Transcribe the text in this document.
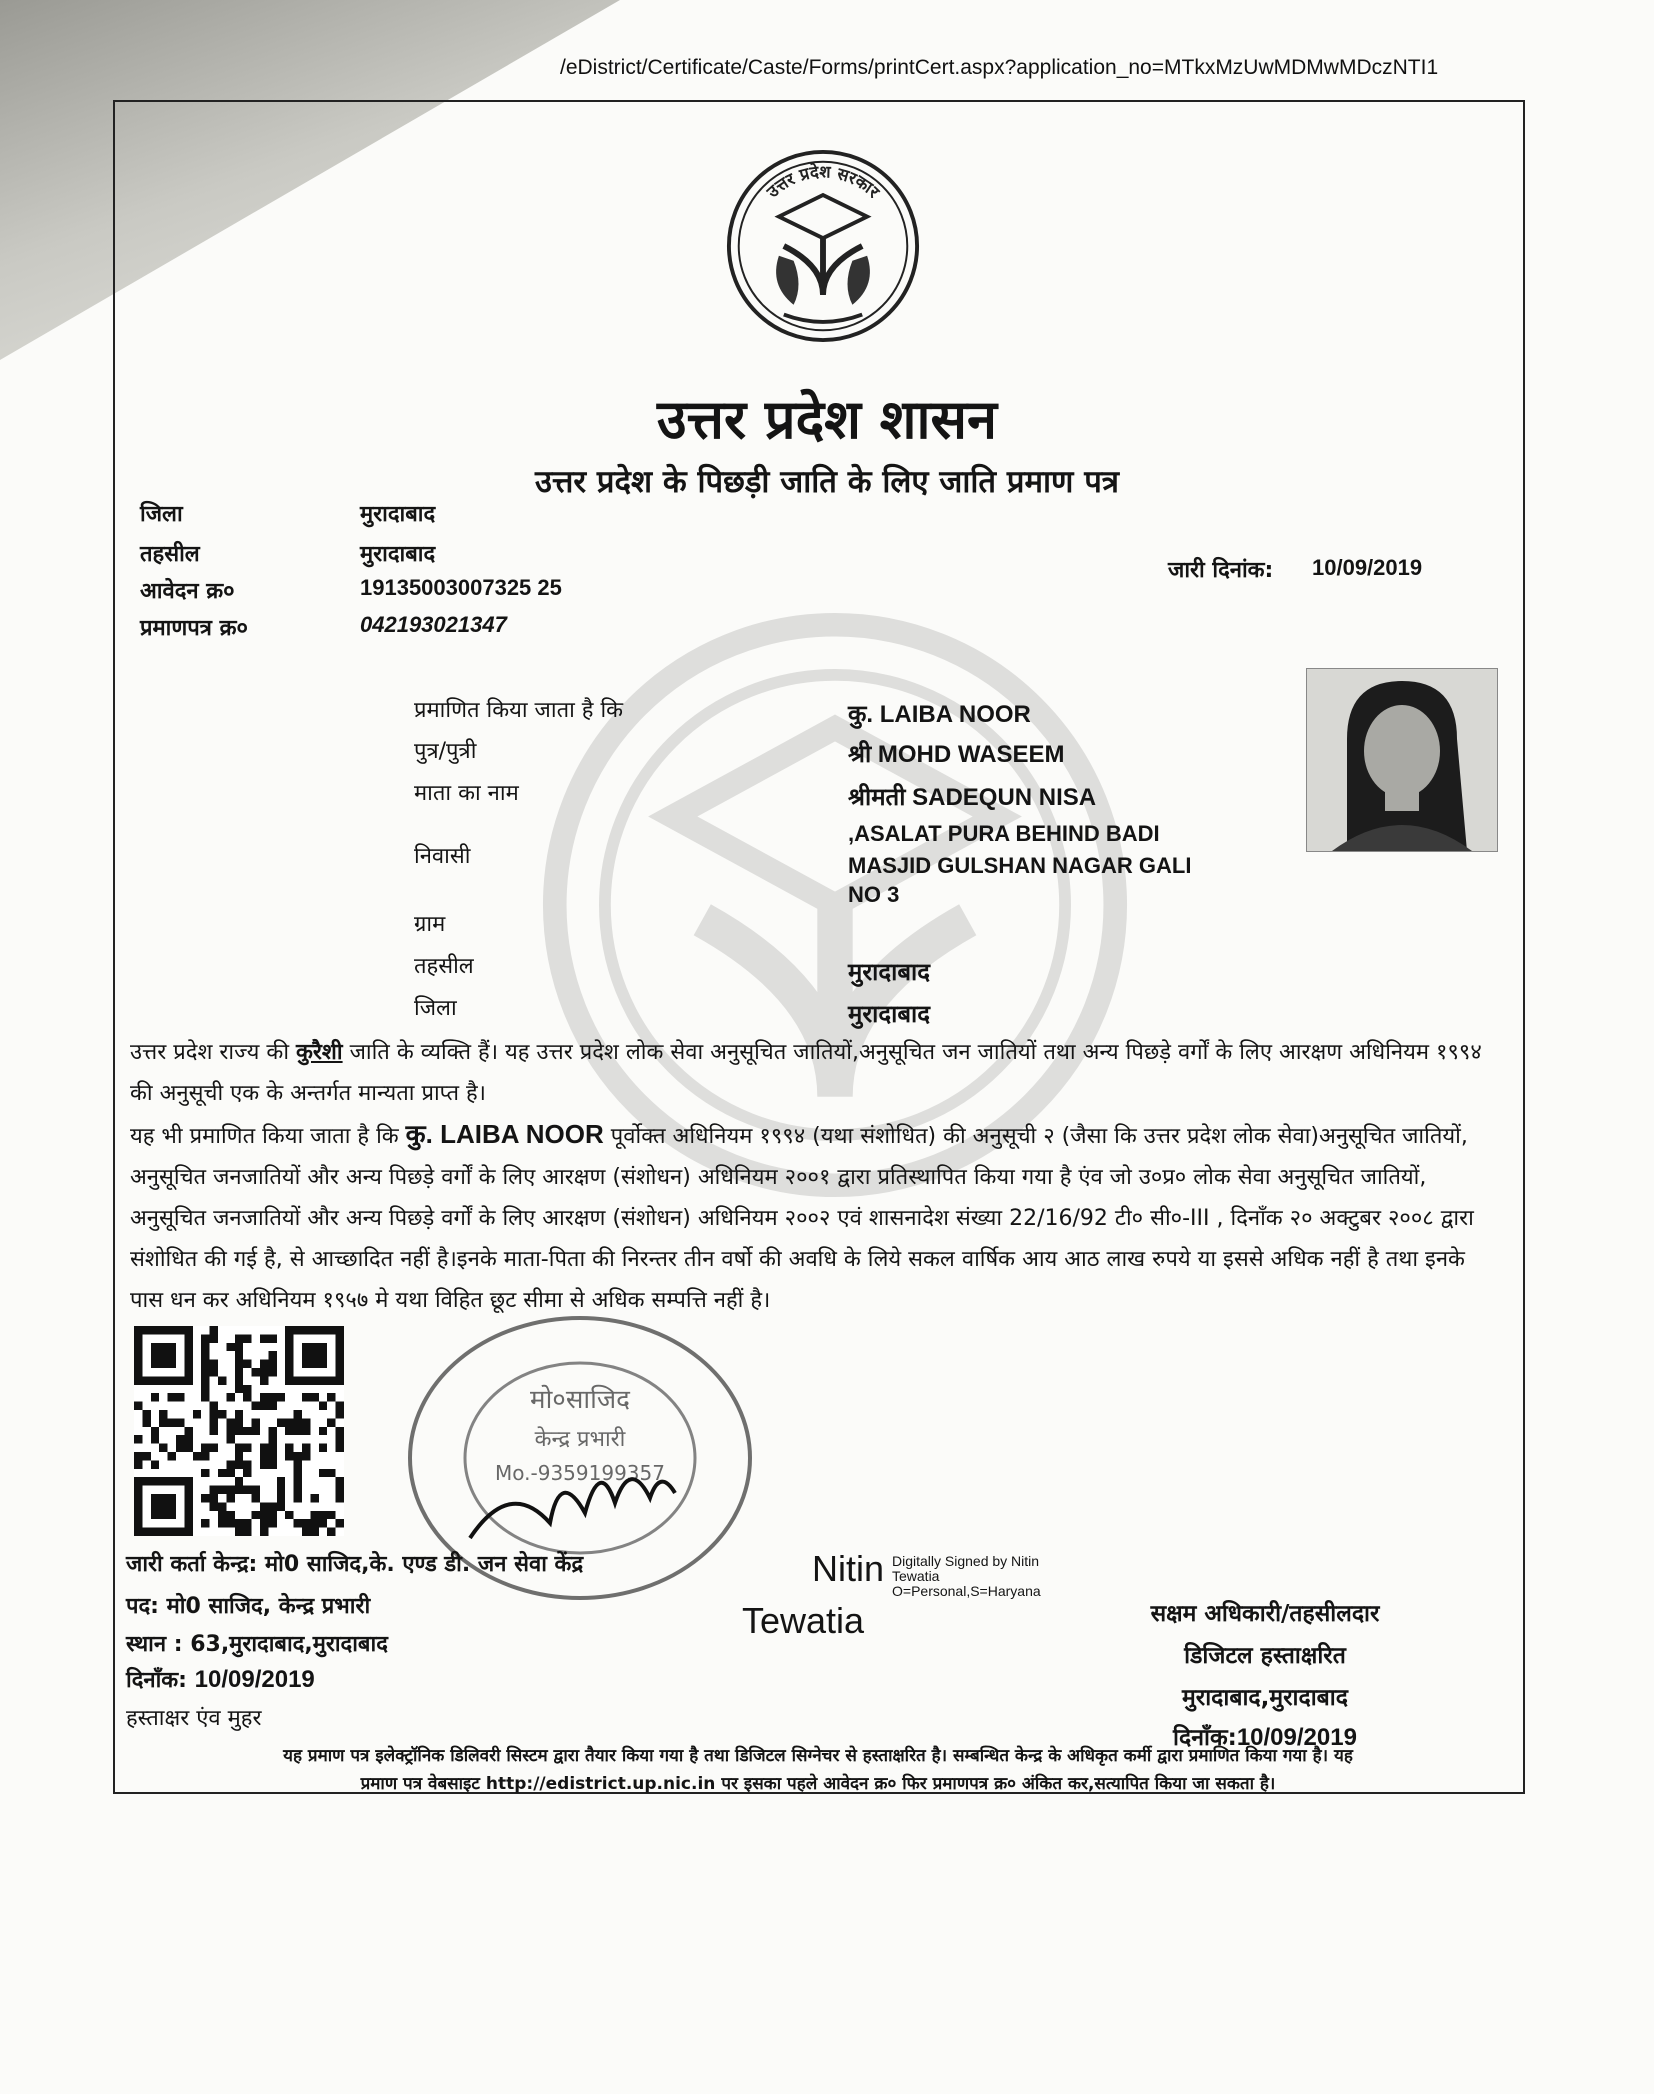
/eDistrict/Certificate/Caste/Forms/printCert.aspx?application_no=MTkxMzUwMDMwMDczNTI1
उत्तर प्रदेश सरकार
उत्तर प्रदेश शासन
उत्तर प्रदेश के पिछड़ी जाति के लिए जाति प्रमाण पत्र
जिला	मुरादाबाद
तहसील	मुरादाबाद
आवेदन क्र०	19135003007325 25
प्रमाणपत्र क्र०	042193021347
जारी दिनांक: 10/09/2019
प्रमाणित किया जाता है कि	कु. LAIBA NOOR
पुत्र/पुत्री	श्री MOHD WASEEM
माता का नाम	श्रीमती SADEQUN NISA
निवासी
,ASALAT PURA BEHIND BADI
MASJID GULSHAN NAGAR GALI
NO 3
ग्राम
तहसील	मुरादाबाद
जिला	मुरादाबाद

उत्तर प्रदेश राज्य की कुरैशी जाति के व्यक्ति हैं। यह उत्तर प्रदेश लोक सेवा अनुसूचित जातियों,अनुसूचित जन जातियों तथा अन्य पिछड़े वर्गों के लिए आरक्षण अधिनियम १९९४ की अनुसूची एक के अन्तर्गत मान्यता प्राप्त है।

यह भी प्रमाणित किया जाता है कि कु. LAIBA NOOR पूर्वोक्त अधिनियम १९९४ (यथा संशोधित) की अनुसूची २ (जैसा कि उत्तर प्रदेश लोक सेवा)अनुसूचित जातियों, अनुसूचित जनजातियों और अन्य पिछड़े वर्गों के लिए आरक्षण (संशोधन) अधिनियम २००१ द्वारा प्रतिस्थापित किया गया है एंव जो उ०प्र० लोक सेवा अनुसूचित जातियों, अनुसूचित जनजातियों और अन्य पिछड़े वर्गों के लिए आरक्षण (संशोधन) अधिनियम २००२ एवं शासनादेश संख्या 22/16/92 टी० सी०-III , दिनाँक २० अक्टुबर २००८ द्वारा संशोधित की गई है, से आच्छादित नहीं है।इनके माता-पिता की निरन्तर तीन वर्षो की अवधि के लिये सकल वार्षिक आय आठ लाख रुपये या इससे अधिक नहीं है तथा इनके पास धन कर अधिनियम १९५७ मे यथा विहित छूट सीमा से अधिक सम्पत्ति नहीं है।

मो०साजिद
केन्द्र प्रभारी
Mo.-9359199357
जारी कर्ता केन्द्र: मो0 साजिद,के. एण्ड डी. जन सेवा केंद्र
पद: मो0 साजिद, केन्द्र प्रभारी
स्थान : 63,मुरादाबाद,मुरादाबाद
दिनाँक: 10/09/2019
हस्ताक्षर एंव मुहर
Nitin
Tewatia
Digitally Signed by Nitin
Tewatia
O=Personal,S=Haryana
सक्षम अधिकारी/तहसीलदार
डिजिटल हस्ताक्षरित
मुरादाबाद,मुरादाबाद
दिनाँक:10/09/2019
यह प्रमाण पत्र इलेक्ट्रॉनिक डिलिवरी सिस्टम द्वारा तैयार किया गया है तथा डिजिटल सिग्नेचर से हस्ताक्षरित है। सम्बन्धित केन्द्र के अधिकृत कर्मी द्वारा प्रमाणित किया गया है। यह
प्रमाण पत्र वेबसाइट http://edistrict.up.nic.in पर इसका पहले आवेदन क्र० फिर प्रमाणपत्र क्र० अंकित कर,सत्यापित किया जा सकता है।
